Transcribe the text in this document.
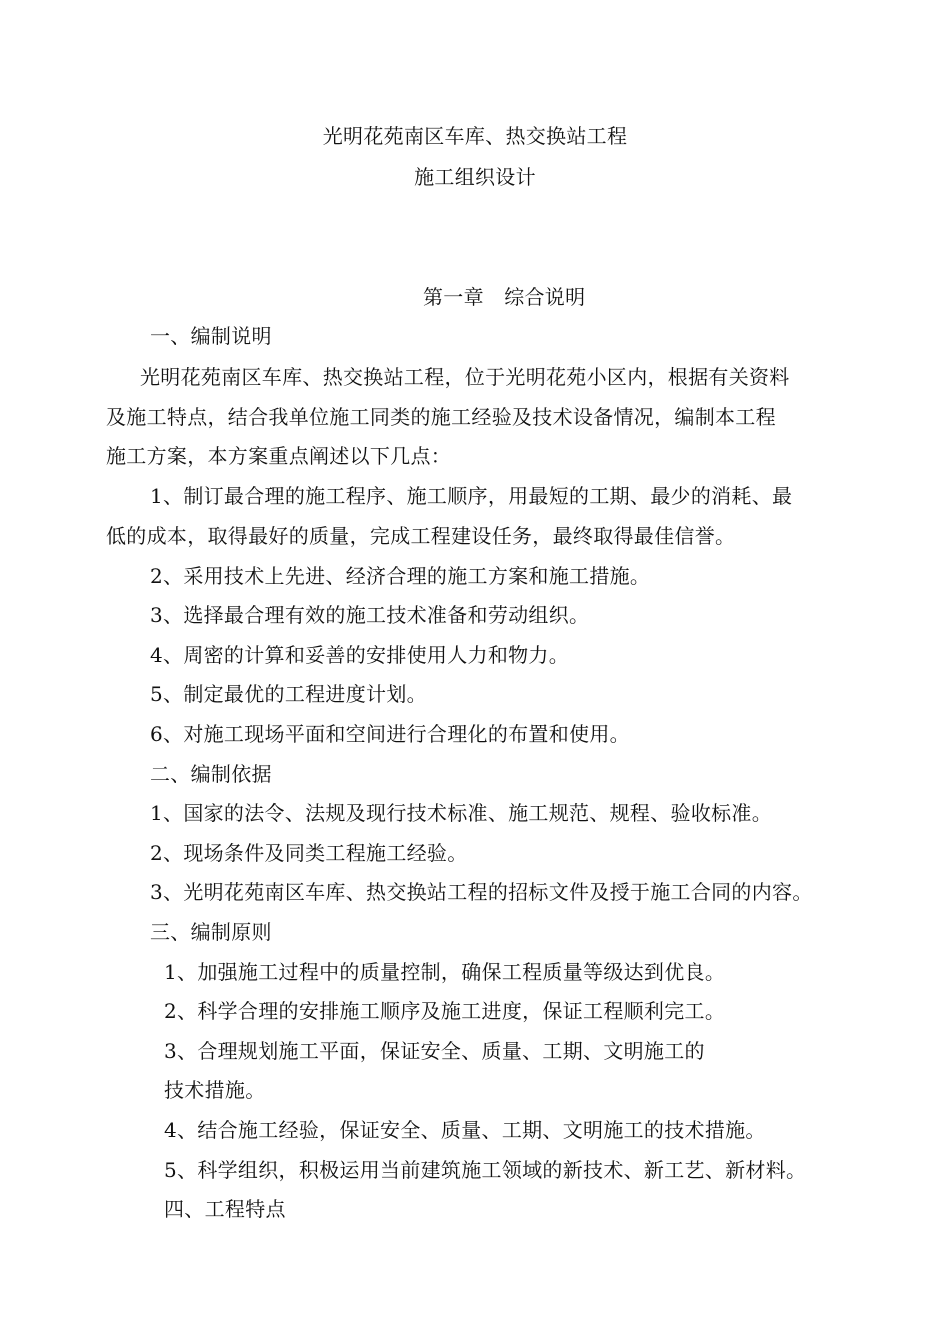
光明花苑南区车库、热交换站工程
施工组织设计
第一章　综合说明
一、编制说明
光明花苑南区车库、热交换站工程，位于光明花苑小区内，根据有关资料
及施工特点，结合我单位施工同类的施工经验及技术设备情况，编制本工程
施工方案，本方案重点阐述以下几点：
1、制订最合理的施工程序、施工顺序，用最短的工期、最少的消耗、最
低的成本，取得最好的质量，完成工程建设任务，最终取得最佳信誉。
2、采用技术上先进、经济合理的施工方案和施工措施。
3、选择最合理有效的施工技术准备和劳动组织。
4、周密的计算和妥善的安排使用人力和物力。
5、制定最优的工程进度计划。
6、对施工现场平面和空间进行合理化的布置和使用。
二、编制依据
1、国家的法令、法规及现行技术标准、施工规范、规程、验收标准。
2、现场条件及同类工程施工经验。
3、光明花苑南区车库、热交换站工程的招标文件及授于施工合同的内容。
三、编制原则
1、加强施工过程中的质量控制，确保工程质量等级达到优良。
2、科学合理的安排施工顺序及施工进度，保证工程顺利完工。
3、合理规划施工平面，保证安全、质量、工期、文明施工的
技术措施。
4、结合施工经验，保证安全、质量、工期、文明施工的技术措施。
5、科学组织，积极运用当前建筑施工领域的新技术、新工艺、新材料。
四、工程特点
